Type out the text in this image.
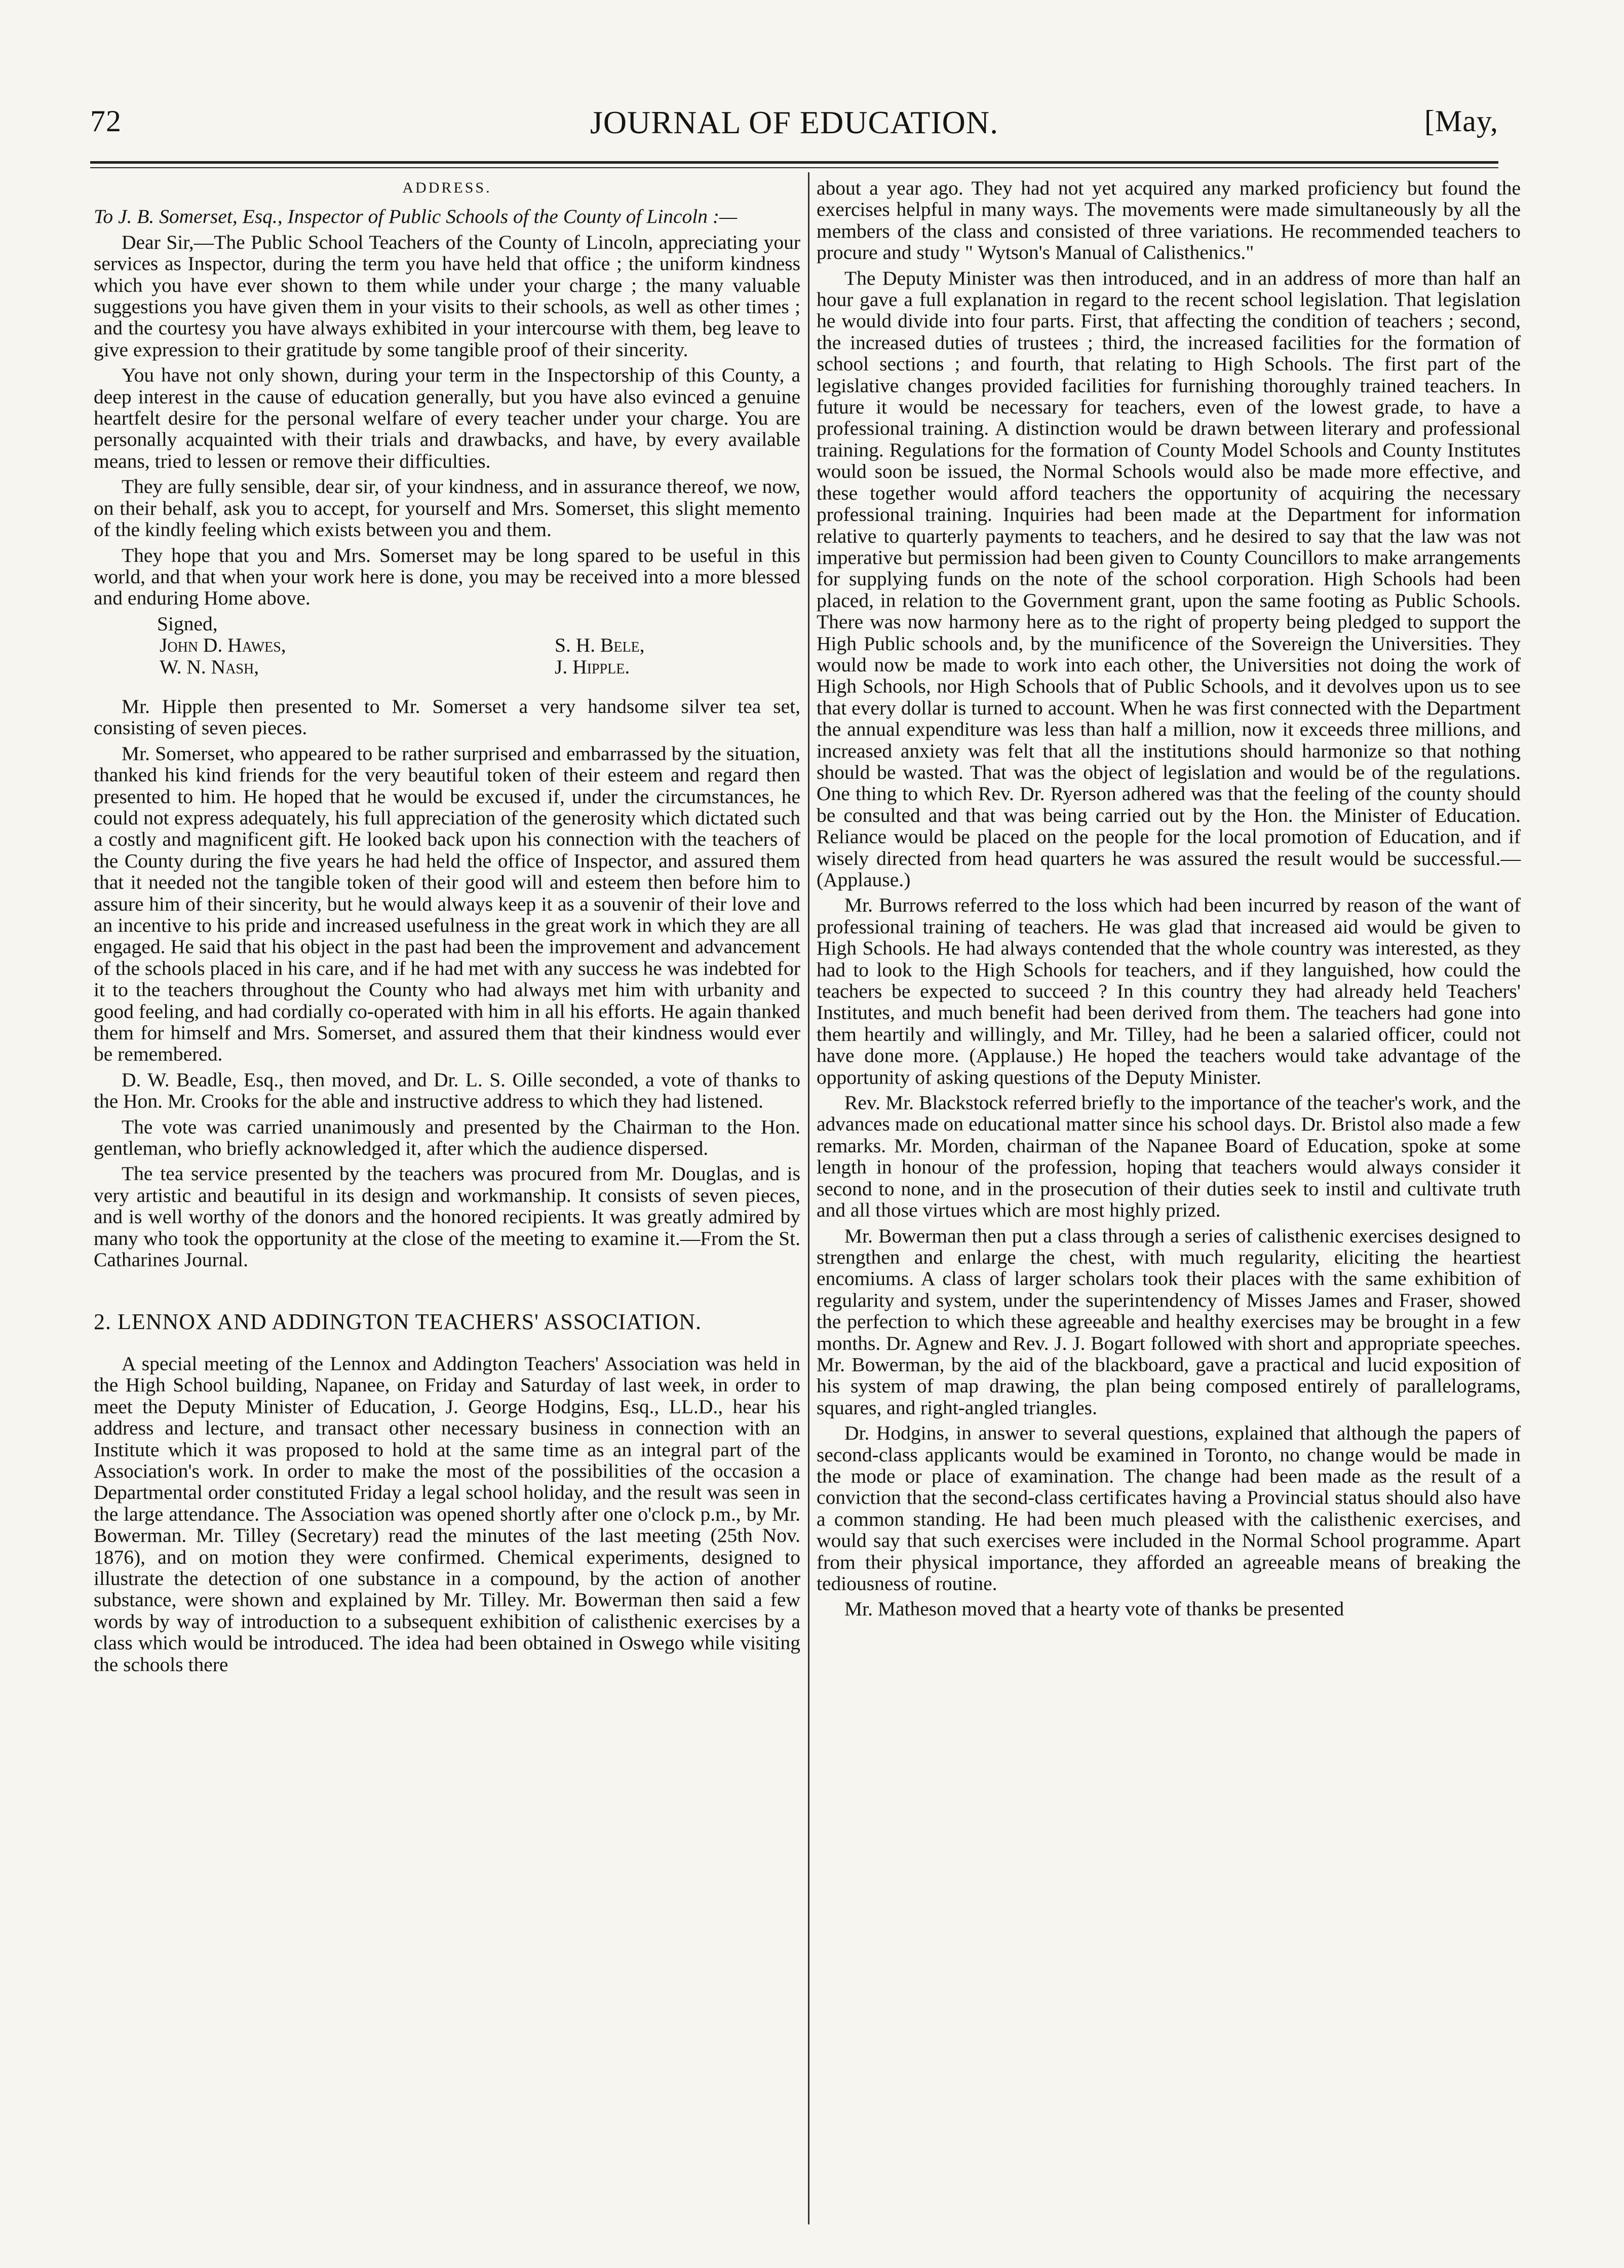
72	JOURNAL OF EDUCATION.	[May,

ADDRESS.

To J. B. Somerset, Esq., Inspector of Public Schools of the County of Lincoln :—

Dear Sir,—The Public School Teachers of the County of Lincoln, appreciating your services as Inspector, during the term you have held that office ; the uniform kindness which you have ever shown to them while under your charge ; the many valuable suggestions you have given them in your visits to their schools, as well as other times ; and the courtesy you have always exhibited in your intercourse with them, beg leave to give expression to their gratitude by some tangible proof of their sincerity.

You have not only shown, during your term in the Inspectorship of this County, a deep interest in the cause of education generally, but you have also evinced a genuine heartfelt desire for the personal welfare of every teacher under your charge. You are personally acquainted with their trials and drawbacks, and have, by every available means, tried to lessen or remove their difficulties.

They are fully sensible, dear sir, of your kindness, and in assurance thereof, we now, on their behalf, ask you to accept, for yourself and Mrs. Somerset, this slight memento of the kindly feeling which exists between you and them.

They hope that you and Mrs. Somerset may be long spared to be useful in this world, and that when your work here is done, you may be received into a more blessed and enduring Home above.

Signed,

John D. Hawes,	S. H. Bele,
W. N. Nash,	J. Hipple.

Mr. Hipple then presented to Mr. Somerset a very handsome silver tea set, consisting of seven pieces.

Mr. Somerset, who appeared to be rather surprised and embarrassed by the situation, thanked his kind friends for the very beautiful token of their esteem and regard then presented to him. He hoped that he would be excused if, under the circumstances, he could not express adequately, his full appreciation of the generosity which dictated such a costly and magnificent gift. He looked back upon his connection with the teachers of the County during the five years he had held the office of Inspector, and assured them that it needed not the tangible token of their good will and esteem then before him to assure him of their sincerity, but he would always keep it as a souvenir of their love and an incentive to his pride and increased usefulness in the great work in which they are all engaged. He said that his object in the past had been the improvement and advancement of the schools placed in his care, and if he had met with any success he was indebted for it to the teachers throughout the County who had always met him with urbanity and good feeling, and had cordially co-operated with him in all his efforts. He again thanked them for himself and Mrs. Somerset, and assured them that their kindness would ever be remembered.

D. W. Beadle, Esq., then moved, and Dr. L. S. Oille seconded, a vote of thanks to the Hon. Mr. Crooks for the able and instructive address to which they had listened.

The vote was carried unanimously and presented by the Chairman to the Hon. gentleman, who briefly acknowledged it, after which the audience dispersed.

The tea service presented by the teachers was procured from Mr. Douglas, and is very artistic and beautiful in its design and workmanship. It consists of seven pieces, and is well worthy of the donors and the honored recipients. It was greatly admired by many who took the opportunity at the close of the meeting to examine it.—From the St. Catharines Journal.

2. LENNOX AND ADDINGTON TEACHERS' ASSOCIATION.

A special meeting of the Lennox and Addington Teachers' Association was held in the High School building, Napanee, on Friday and Saturday of last week, in order to meet the Deputy Minister of Education, J. George Hodgins, Esq., LL.D., hear his address and lecture, and transact other necessary business in connection with an Institute which it was proposed to hold at the same time as an integral part of the Association's work. In order to make the most of the possibilities of the occasion a Departmental order constituted Friday a legal school holiday, and the result was seen in the large attendance. The Association was opened shortly after one o'clock p.m., by Mr. Bowerman. Mr. Tilley (Secretary) read the minutes of the last meeting (25th Nov. 1876), and on motion they were confirmed. Chemical experiments, designed to illustrate the detection of one substance in a compound, by the action of another substance, were shown and explained by Mr. Tilley. Mr. Bowerman then said a few words by way of introduction to a subsequent exhibition of calisthenic exercises by a class which would be introduced. The idea had been obtained in Oswego while visiting the schools there

about a year ago. They had not yet acquired any marked proficiency but found the exercises helpful in many ways. The movements were made simultaneously by all the members of the class and consisted of three variations. He recommended teachers to procure and study " Wytson's Manual of Calisthenics."

The Deputy Minister was then introduced, and in an address of more than half an hour gave a full explanation in regard to the recent school legislation. That legislation he would divide into four parts. First, that affecting the condition of teachers ; second, the increased duties of trustees ; third, the increased facilities for the formation of school sections ; and fourth, that relating to High Schools. The first part of the legislative changes provided facilities for furnishing thoroughly trained teachers. In future it would be necessary for teachers, even of the lowest grade, to have a professional training. A distinction would be drawn between literary and professional training. Regulations for the formation of County Model Schools and County Institutes would soon be issued, the Normal Schools would also be made more effective, and these together would afford teachers the opportunity of acquiring the necessary professional training. Inquiries had been made at the Department for information relative to quarterly payments to teachers, and he desired to say that the law was not imperative but permission had been given to County Councillors to make arrangements for supplying funds on the note of the school corporation. High Schools had been placed, in relation to the Government grant, upon the same footing as Public Schools. There was now harmony here as to the right of property being pledged to support the High Public schools and, by the munificence of the Sovereign the Universities. They would now be made to work into each other, the Universities not doing the work of High Schools, nor High Schools that of Public Schools, and it devolves upon us to see that every dollar is turned to account. When he was first connected with the Department the annual expenditure was less than half a million, now it exceeds three millions, and increased anxiety was felt that all the institutions should harmonize so that nothing should be wasted. That was the object of legislation and would be of the regulations. One thing to which Rev. Dr. Ryerson adhered was that the feeling of the county should be consulted and that was being carried out by the Hon. the Minister of Education. Reliance would be placed on the people for the local promotion of Education, and if wisely directed from head quarters he was assured the result would be successful.—(Applause.)

Mr. Burrows referred to the loss which had been incurred by reason of the want of professional training of teachers. He was glad that increased aid would be given to High Schools. He had always contended that the whole country was interested, as they had to look to the High Schools for teachers, and if they languished, how could the teachers be expected to succeed ? In this country they had already held Teachers' Institutes, and much benefit had been derived from them. The teachers had gone into them heartily and willingly, and Mr. Tilley, had he been a salaried officer, could not have done more. (Applause.) He hoped the teachers would take advantage of the opportunity of asking questions of the Deputy Minister.

Rev. Mr. Blackstock referred briefly to the importance of the teacher's work, and the advances made on educational matter since his school days. Dr. Bristol also made a few remarks. Mr. Morden, chairman of the Napanee Board of Education, spoke at some length in honour of the profession, hoping that teachers would always consider it second to none, and in the prosecution of their duties seek to instil and cultivate truth and all those virtues which are most highly prized.

Mr. Bowerman then put a class through a series of calisthenic exercises designed to strengthen and enlarge the chest, with much regularity, eliciting the heartiest encomiums. A class of larger scholars took their places with the same exhibition of regularity and system, under the superintendency of Misses James and Fraser, showed the perfection to which these agreeable and healthy exercises may be brought in a few months. Dr. Agnew and Rev. J. J. Bogart followed with short and appropriate speeches. Mr. Bowerman, by the aid of the blackboard, gave a practical and lucid exposition of his system of map drawing, the plan being composed entirely of parallelograms, squares, and right-angled triangles.

Dr. Hodgins, in answer to several questions, explained that although the papers of second-class applicants would be examined in Toronto, no change would be made in the mode or place of examination. The change had been made as the result of a conviction that the second-class certificates having a Provincial status should also have a common standing. He had been much pleased with the calisthenic exercises, and would say that such exercises were included in the Normal School programme. Apart from their physical importance, they afforded an agreeable means of breaking the tediousness of routine.

Mr. Matheson moved that a hearty vote of thanks be presented
